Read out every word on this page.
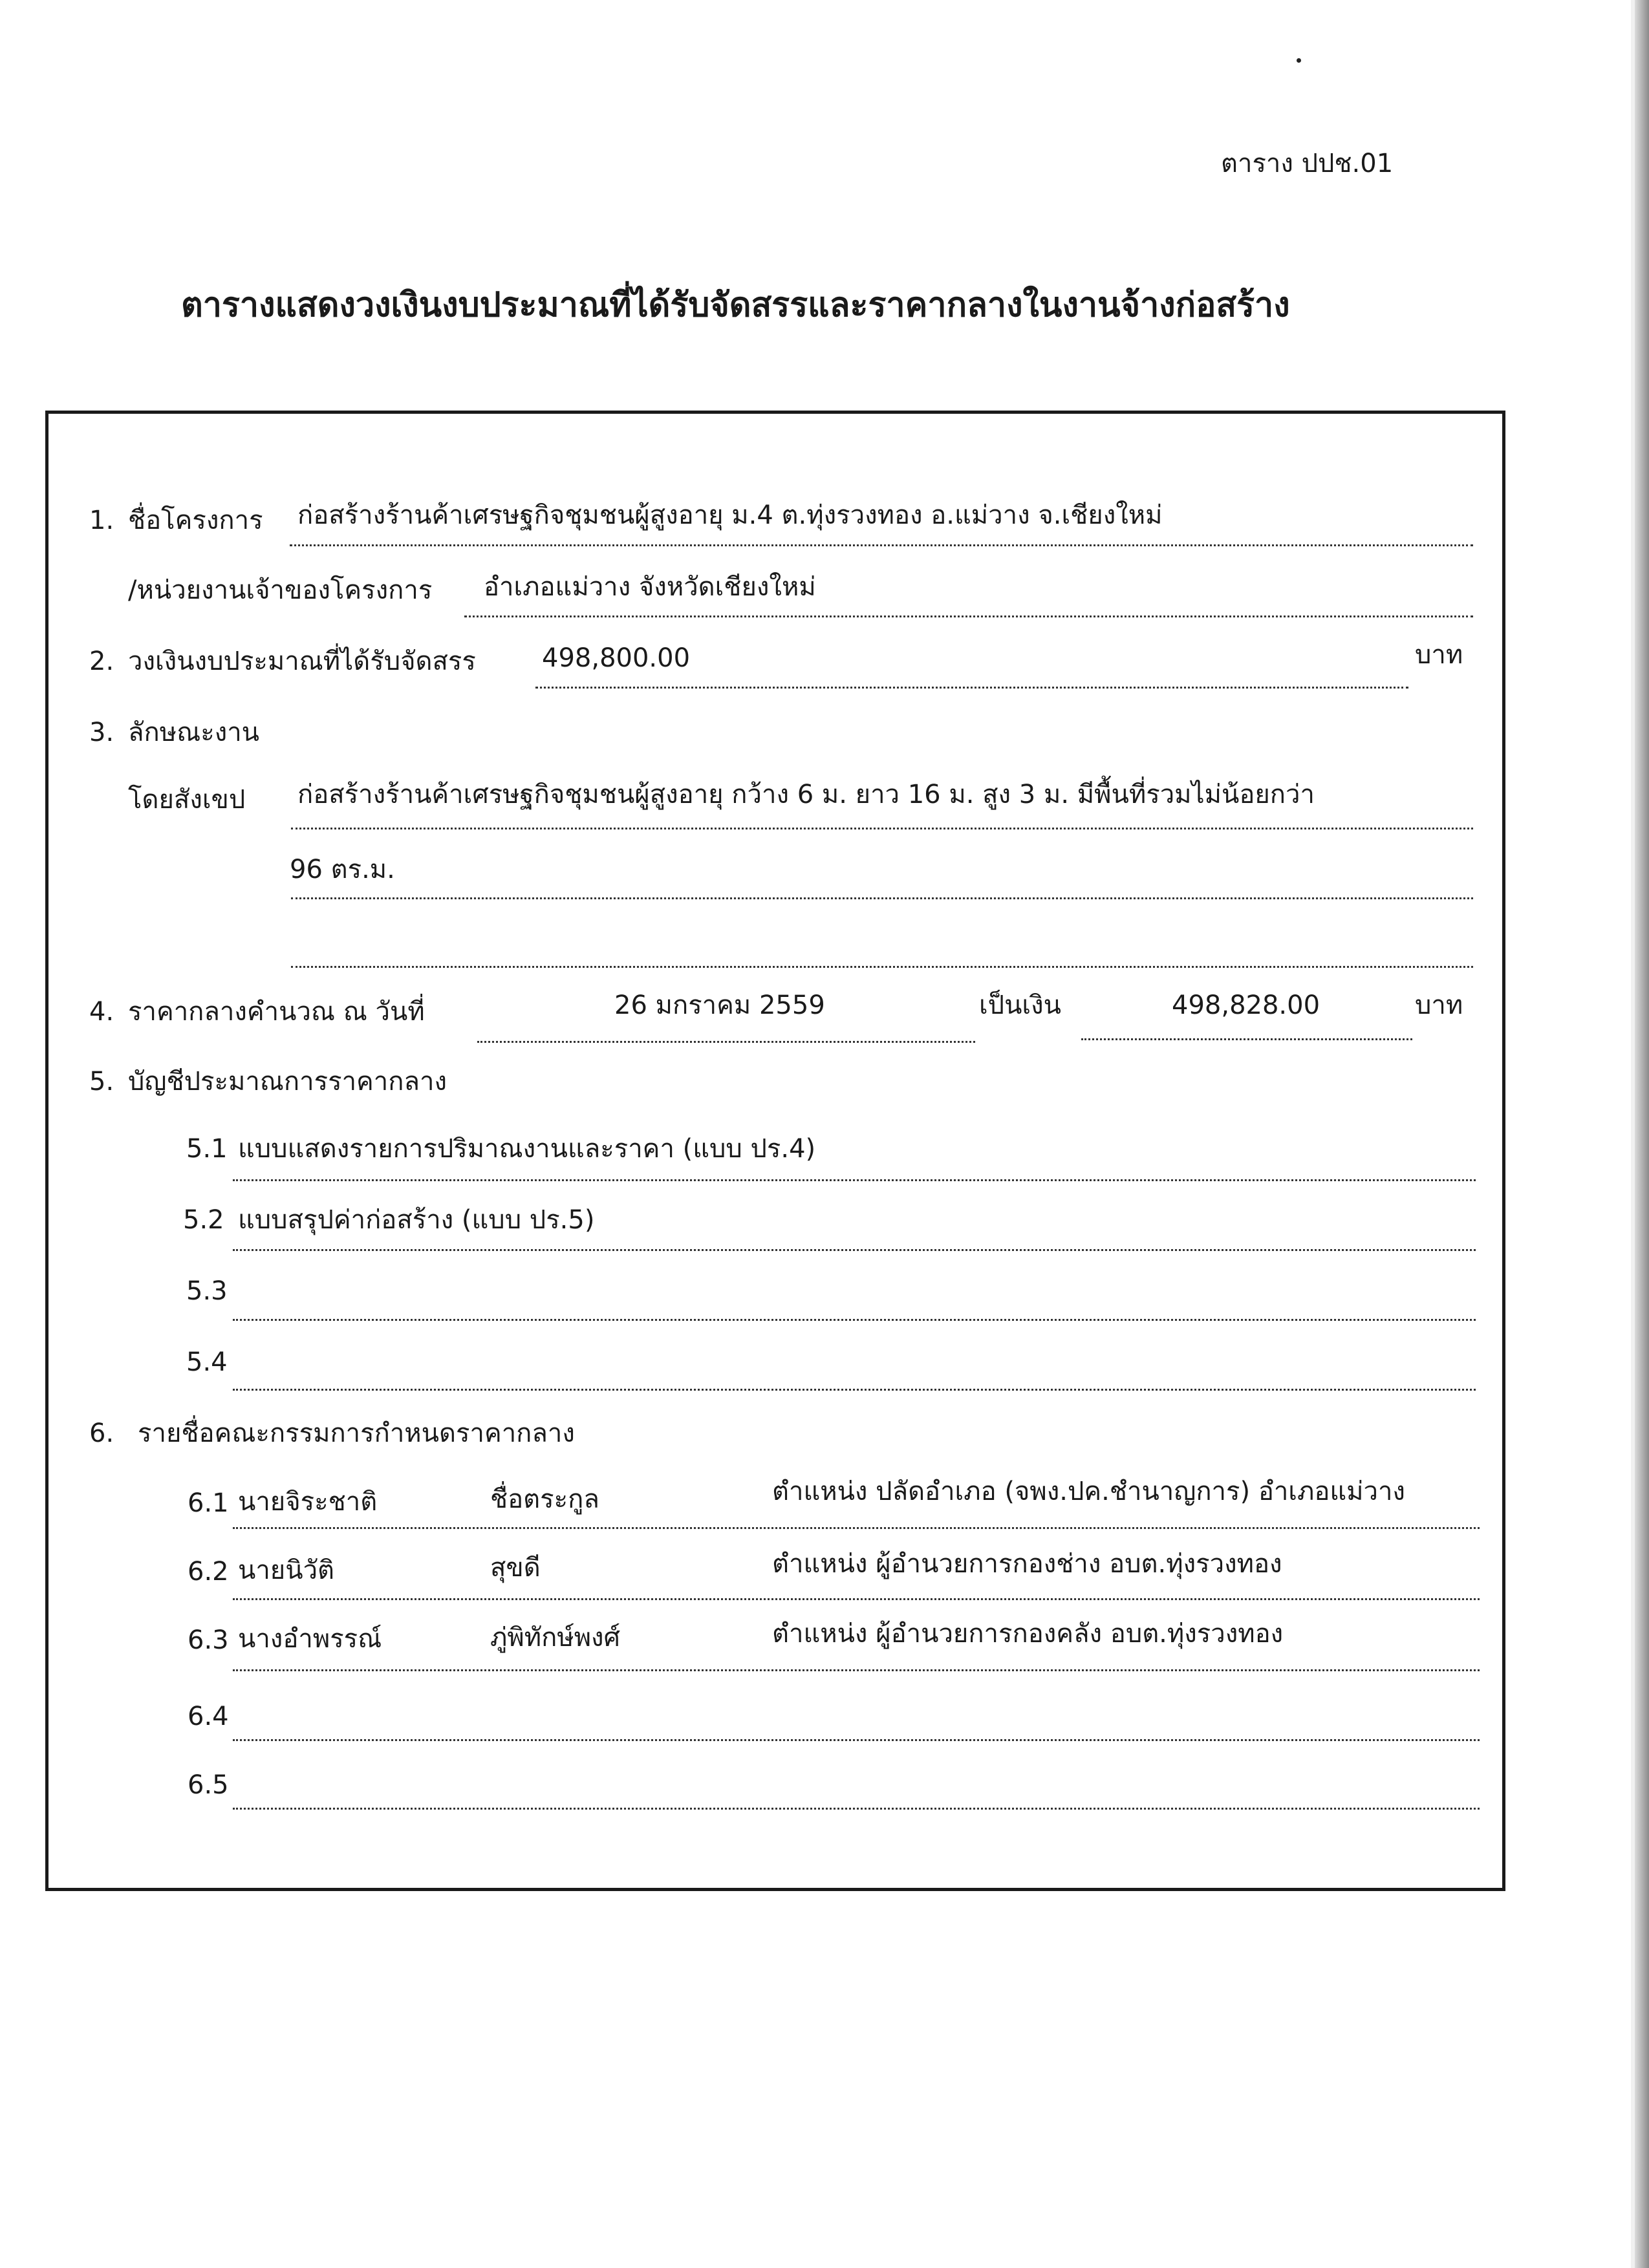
ตาราง ปปช.01
ตารางแสดงวงเงินงบประมาณที่ได้รับจัดสรรและราคากลางในงานจ้างก่อสร้าง
1. ชื่อโครงการ ก่อสร้างร้านค้าเศรษฐกิจชุมชนผู้สูงอายุ ม.4 ต.ทุ่งรวงทอง อ.แม่วาง จ.เชียงใหม่
/หน่วยงานเจ้าของโครงการ อำเภอแม่วาง จังหวัดเชียงใหม่
2. วงเงินงบประมาณที่ได้รับจัดสรร	498,800.00	บาท
3. ลักษณะงาน
โดยสังเขป ก่อสร้างร้านค้าเศรษฐกิจชุมชนผู้สูงอายุ กว้าง 6 ม. ยาว 16 ม. สูง 3 ม. มีพื้นที่รวมไม่น้อยกว่า
96 ตร.ม.
4. ราคากลางคำนวณ ณ วันที่	26 มกราคม 2559	เป็นเงิน	498,828.00	บาท
5. บัญชีประมาณการราคากลาง
5.1 แบบแสดงรายการปริมาณงานและราคา (แบบ ปร.4)
5.2 แบบสรุปค่าก่อสร้าง (แบบ ปร.5)
5.3
5.4
6. รายชื่อคณะกรรมการกำหนดราคากลาง
6.1 นายจิระชาติ	ชื่อตระกูล	ตำแหน่ง ปลัดอำเภอ (จพง.ปค.ชำนาญการ) อำเภอแม่วาง
6.2 นายนิวัติ	สุขดี	ตำแหน่ง ผู้อำนวยการกองช่าง อบต.ทุ่งรวงทอง
6.3 นางอำพรรณ์	ภู่พิทักษ์พงศ์	ตำแหน่ง ผู้อำนวยการกองคลัง อบต.ทุ่งรวงทอง
6.4
6.5
